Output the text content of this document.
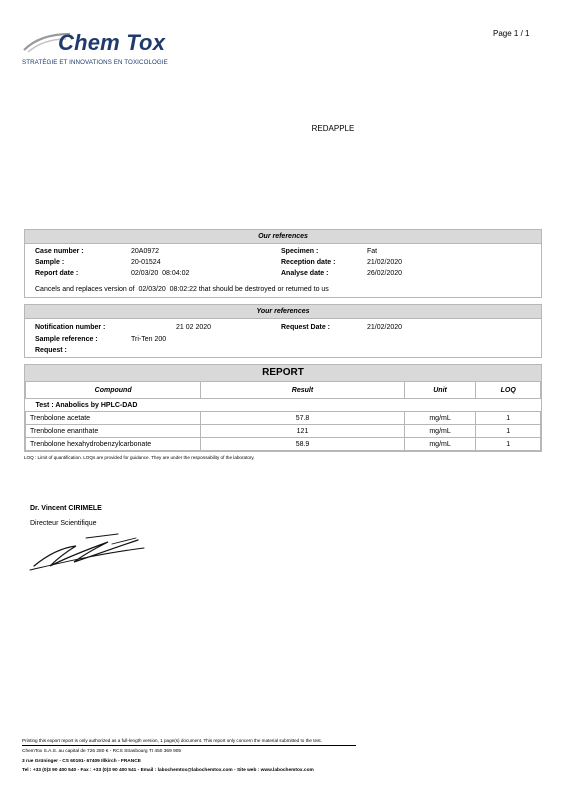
Chem Tox
STRATÉGIE ET INNOVATIONS EN TOXICOLOGIE
Page 1 / 1
REDAPPLE
Our references
Case number :	20A0972
Sample :	20-01524
Report date :	02/03/20  08:04:02
Specimen :	Fat
Reception date :	21/02/2020
Analyse date :	26/02/2020
Cancels and replaces version of  02/03/20  08:02:22 that should be destroyed or returned to us
Your references
Notification number :	21 02 2020	Request Date :	21/02/2020
Sample reference :	Tri-Ten 200
Request :
REPORT
Compound	Result	Unit	LOQ
Test : Anabolics by HPLC-DAD			
Trenbolone acetate	57.8	mg/mL	1
Trenbolone enanthate	121	mg/mL	1
Trenbolone hexahydrobenzylcarbonate	58.9	mg/mL	1
LOQ : Limit of quantification. LOQs are provided for guidance. They are under the responsability of the laboratory.
Dr. Vincent CIRIMELE
Directeur Scientifique
Printing this export report is only authorized as a full-length version, 1 page(s) document. This report only concern the material submitted to the test.
ChemTox S.A.S. au capital de 726 280 € - RCS Strasbourg TI 450 369 905
3 rue Grüninger - CS 60191- 67409 Illkirch - FRANCE
Tel : +33 (0)3 90 400 540 - Fax : +33 (0)3 90 400 541 - Email : labochemtox@labochemtox.com - Site web : www.labochemtox.com
